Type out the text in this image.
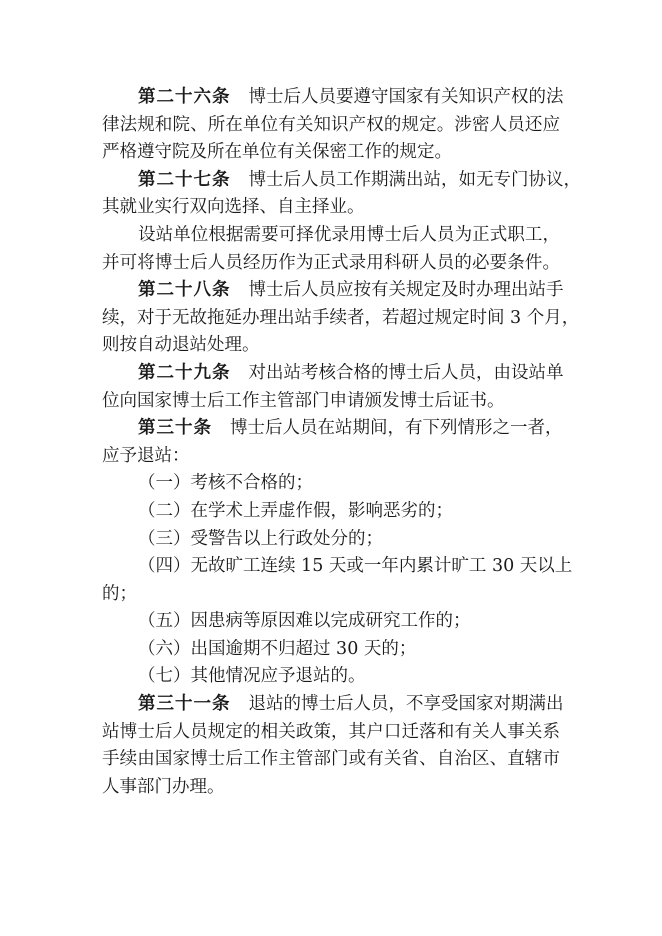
第二十六条 博士后人员要遵守国家有关知识产权的法
律法规和院、所在单位有关知识产权的规定。涉密人员还应
严格遵守院及所在单位有关保密工作的规定。
第二十七条 博士后人员工作期满出站，如无专门协议，
其就业实行双向选择、自主择业。
设站单位根据需要可择优录用博士后人员为正式职工，
并可将博士后人员经历作为正式录用科研人员的必要条件。
第二十八条 博士后人员应按有关规定及时办理出站手
续，对于无故拖延办理出站手续者，若超过规定时间 3 个月，
则按自动退站处理。
第二十九条 对出站考核合格的博士后人员，由设站单
位向国家博士后工作主管部门申请颁发博士后证书。
第三十条 博士后人员在站期间，有下列情形之一者，
应予退站：
（一）考核不合格的；
（二）在学术上弄虚作假，影响恶劣的；
（三）受警告以上行政处分的；
（四）无故旷工连续 15 天或一年内累计旷工 30 天以上
的；
（五）因患病等原因难以完成研究工作的；
（六）出国逾期不归超过 30 天的；
（七）其他情况应予退站的。
第三十一条 退站的博士后人员，不享受国家对期满出
站博士后人员规定的相关政策，其户口迁落和有关人事关系
手续由国家博士后工作主管部门或有关省、自治区、直辖市
人事部门办理。
